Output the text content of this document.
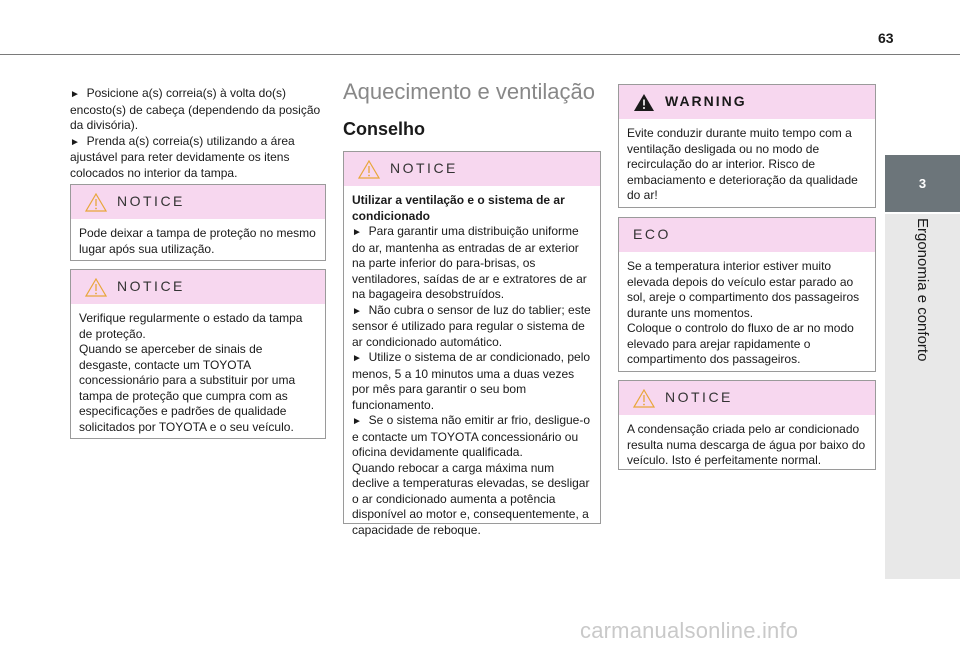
63
3
Ergonomia e conforto
► Posicione a(s) correia(s) à volta do(s) encosto(s) de cabeça (dependendo da posição da divisória).
► Prenda a(s) correia(s) utilizando a área ajustável para reter devidamente os itens colocados no interior da tampa.
NOTICE

Pode deixar a tampa de proteção no mesmo lugar após sua utilização.

NOTICE

Verifique regularmente o estado da tampa de proteção.
Quando se aperceber de sinais de desgaste, contacte um TOYOTA concessionário para a substituir por uma tampa de proteção que cumpra com as especificações e padrões de qualidade solicitados por TOYOTA e o seu veículo.

Aquecimento e ventilação
Conselho
NOTICE

Utilizar a ventilação e o sistema de ar condicionado

► Para garantir uma distribuição uniforme do ar, mantenha as entradas de ar exterior na parte inferior do para-brisas, os ventiladores, saídas de ar e extratores de ar na bagageira desobstruídos.

► Não cubra o sensor de luz do tablier; este sensor é utilizado para regular o sistema de ar condicionado automático.

► Utilize o sistema de ar condicionado, pelo menos, 5 a 10 minutos uma a duas vezes por mês para garantir o seu bom funcionamento.

► Se o sistema não emitir ar frio, desligue-o e contacte um TOYOTA concessionário ou oficina devidamente qualificada.

Quando rebocar a carga máxima num declive a temperaturas elevadas, se desligar o ar condicionado aumenta a potência disponível ao motor e, consequentemente, a capacidade de reboque.

WARNING

Evite conduzir durante muito tempo com a ventilação desligada ou no modo de recirculação do ar interior. Risco de embaciamento e deterioração da qualidade do ar!

ECO

Se a temperatura interior estiver muito elevada depois do veículo estar parado ao sol, areje o compartimento dos passageiros durante uns momentos.
Coloque o controlo do fluxo de ar no modo elevado para arejar rapidamente o compartimento dos passageiros.

NOTICE

A condensação criada pelo ar condicionado resulta numa descarga de água por baixo do veículo. Isto é perfeitamente normal.

carmanualsonline.info
